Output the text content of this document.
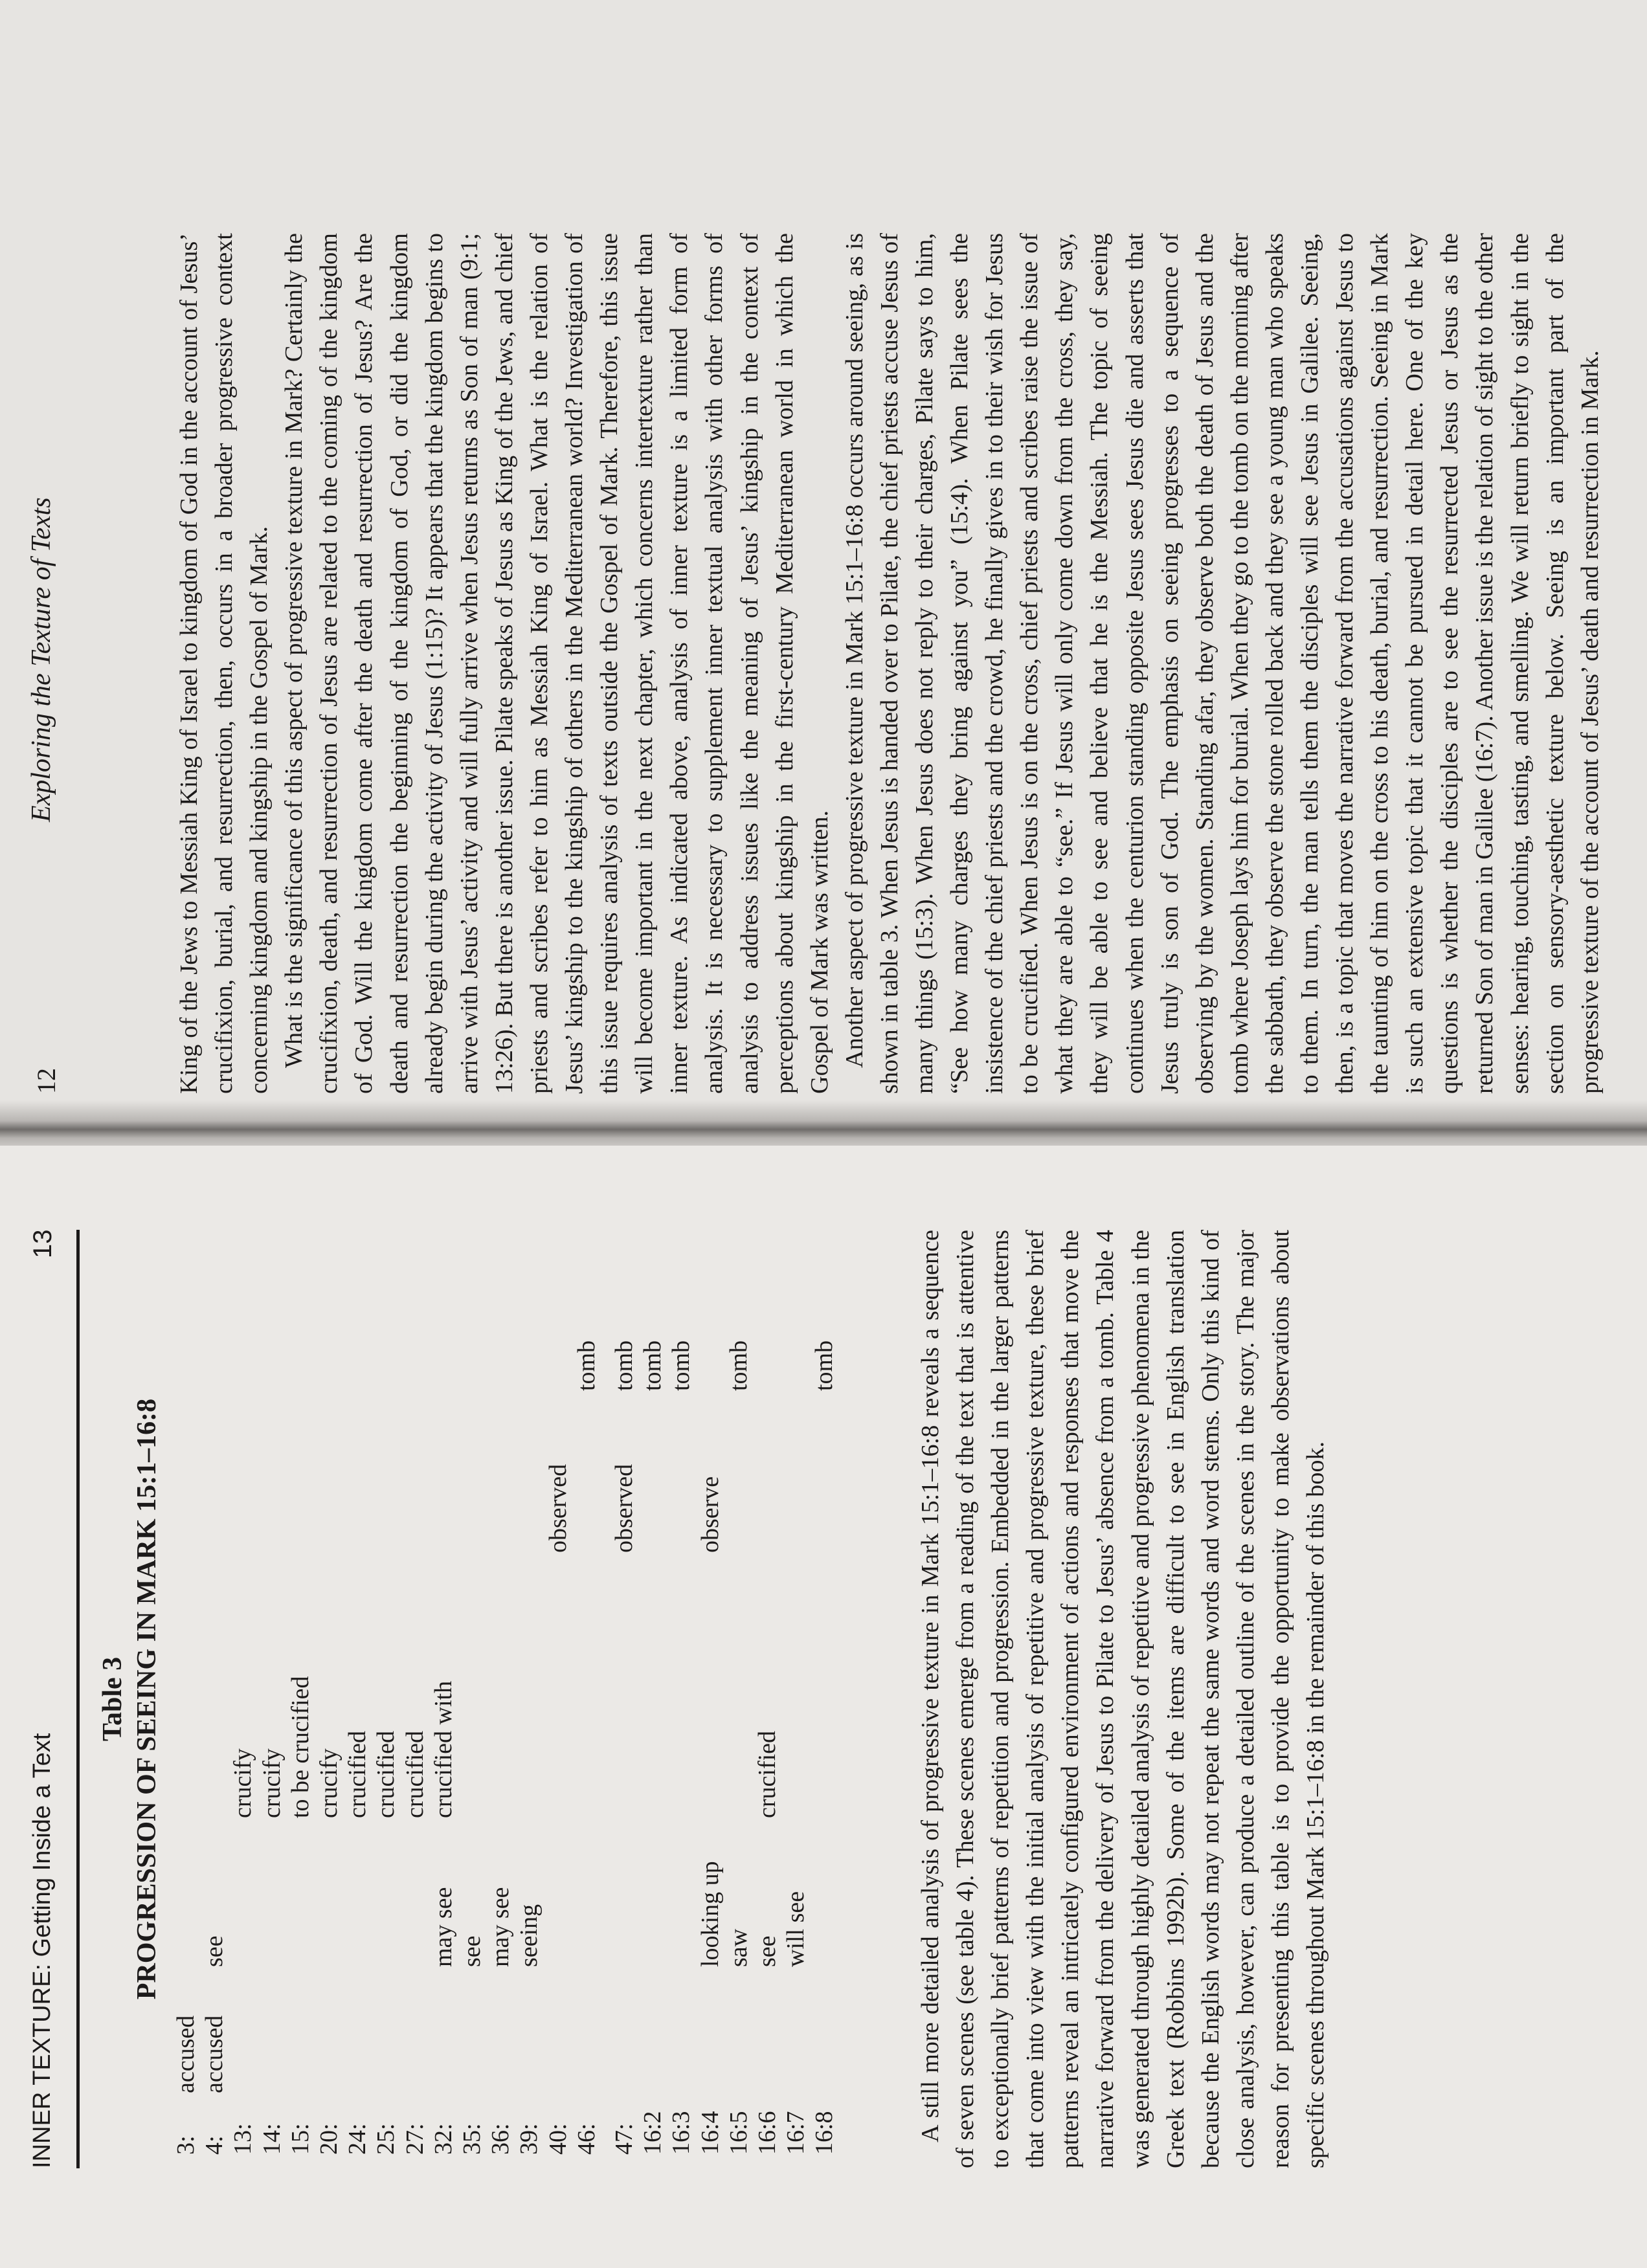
12
Exploring the Texture of Texts	King of the Jews to Messiah King of Israel to kingdom of God in the account of Jesus’ crucifixion, burial, and resurrection, then, occurs in a broader progressive context concerning kingdom and kingship in the Gospel of Mark. What is the significance of this aspect of progressive texture in Mark? Certainly the crucifixion, death, and resurrection of Jesus are related to the coming of the kingdom of God. Will the kingdom come after the death and resurrection of Jesus? Are the death and resurrection the beginning of the kingdom of God, or did the kingdom already begin during the activity of Jesus (1:15)? It appears that the kingdom begins to arrive with Jesus’ activity and will fully arrive when Jesus returns as Son of man (9:1; 13:26). But there is another issue. Pilate speaks of Jesus as King of the Jews, and chief priests and scribes refer to him as Messiah King of Israel. What is the relation of Jesus’ kingship to the kingship of others in the Mediterranean world? Investigation of this issue requires analysis of texts outside the Gospel of Mark. Therefore, this issue will become important in the next chapter, which concerns intertexture rather than inner texture. As indicated above, analysis of inner texture is a limited form of analysis. It is necessary to supplement inner textual analysis with other forms of analysis to address issues like the meaning of Jesus’ kingship in the context of perceptions about kingship in the first-century Mediterranean world in which the Gospel of Mark was written. Another aspect of progressive texture in Mark 15:1–16:8 occurs around seeing, as is shown in table 3. When Jesus is handed over to Pilate, the chief priests accuse Jesus of many things (15:3). When Jesus does not reply to their charges, Pilate says to him, “See how many charges they bring against you” (15:4). When Pilate sees the insistence of the chief priests and the crowd, he finally gives in to their wish for Jesus to be crucified. When Jesus is on the cross, chief priests and scribes raise the issue of what they are able to “see.” If Jesus will only come down from the cross, they say, they will be able to see and believe that he is the Messiah. The topic of seeing continues when the centurion standing opposite Jesus sees Jesus die and asserts that Jesus truly is son of God. The emphasis on seeing progresses to a sequence of observing by the women. Standing afar, they observe both the death of Jesus and the tomb where Joseph lays him for burial. When they go to the tomb on the morning after the sabbath, they observe the stone rolled back and they see a young man who speaks to them. In turn, the man tells them the disciples will see Jesus in Galilee. Seeing, then, is a topic that moves the narrative forward from the accusations against Jesus to the taunting of him on the cross to his death, burial, and resurrection. Seeing in Mark is such an extensive topic that it cannot be pursued in detail here. One of the key questions is whether the disciples are to see the resurrected Jesus or Jesus as the returned Son of man in Galilee (16:7). Another issue is the relation of sight to the other senses: hearing, touching, tasting, and smelling. We will return briefly to sight in the section on sensory-aesthetic texture below. Seeing is an important part of the progressive texture of the account of Jesus’ death and resurrection in Mark.

INNER TEXTURE: Getting Inside a Text
13
Table 3 PROGRESSION OF SEEING IN MARK 15:1–16:8
3:
accused
4:
accused
see
13:
crucify
14:
crucify
15:
to be crucified
20:
crucify
24:
crucified
25:
crucified
27:
crucified
32:
may see
crucified with
35:
see
36:
may see
39:
seeing
40:
observed
46:
tomb
47:
observed
tomb
16:2
tomb
16:3
tomb
16:4
looking up
observe
16:5
saw
tomb
16:6
see
crucified
16:7
will see
16:8
tomb	A still more detailed analysis of progressive texture in Mark 15:1–16:8 reveals a sequence of seven scenes (see table 4). These scenes emerge from a reading of the text that is attentive to exceptionally brief patterns of repetition and progression. Embedded in the larger patterns that come into view with the initial analysis of repetitive and progressive texture, these brief patterns reveal an intricately configured environment of actions and responses that move the narrative forward from the delivery of Jesus to Pilate to Jesus’ absence from a tomb. Table 4 was generated through highly detailed analysis of repetitive and progressive phenomena in the Greek text (Robbins 1992b). Some of the items are difficult to see in English translation because the English words may not repeat the same words and word stems. Only this kind of close analysis, however, can produce a detailed outline of the scenes in the story. The major reason for presenting this table is to provide the opportunity to make observations about specific scenes throughout Mark 15:1–16:8 in the remainder of this book.
